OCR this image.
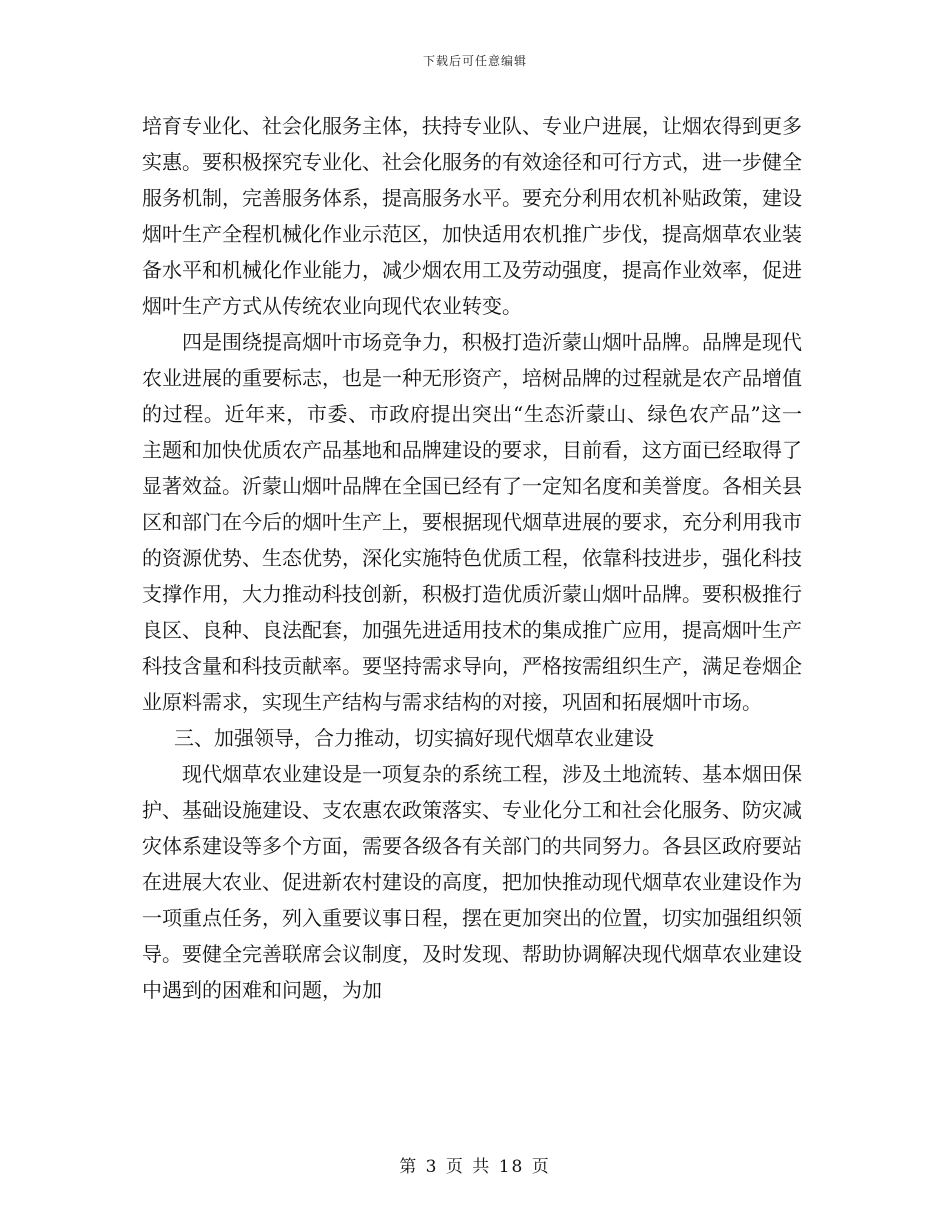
下载后可任意编辑

培育专业化、社会化服务主体，扶持专业队、专业户进展，让烟农得到更多实惠。要积极探究专业化、社会化服务的有效途径和可行方式，进一步健全服务机制，完善服务体系，提高服务水平。要充分利用农机补贴政策，建设烟叶生产全程机械化作业示范区，加快适用农机推广步伐，提高烟草农业装备水平和机械化作业能力，减少烟农用工及劳动强度，提高作业效率，促进烟叶生产方式从传统农业向现代农业转变。

四是围绕提高烟叶市场竞争力，积极打造沂蒙山烟叶品牌。品牌是现代农业进展的重要标志，也是一种无形资产，培树品牌的过程就是农产品增值的过程。近年来，市委、市政府提出突出“生态沂蒙山、绿色农产品”这一主题和加快优质农产品基地和品牌建设的要求，目前看，这方面已经取得了显著效益。沂蒙山烟叶品牌在全国已经有了一定知名度和美誉度。各相关县区和部门在今后的烟叶生产上，要根据现代烟草进展的要求，充分利用我市的资源优势、生态优势，深化实施特色优质工程，依靠科技进步，强化科技支撑作用，大力推动科技创新，积极打造优质沂蒙山烟叶品牌。要积极推行良区、良种、良法配套，加强先进适用技术的集成推广应用，提高烟叶生产科技含量和科技贡献率。要坚持需求导向，严格按需组织生产，满足卷烟企业原料需求，实现生产结构与需求结构的对接，巩固和拓展烟叶市场。

三、加强领导，合力推动，切实搞好现代烟草农业建设

现代烟草农业建设是一项复杂的系统工程，涉及土地流转、基本烟田保护、基础设施建设、支农惠农政策落实、专业化分工和社会化服务、防灾减灾体系建设等多个方面，需要各级各有关部门的共同努力。各县区政府要站在进展大农业、促进新农村建设的高度，把加快推动现代烟草农业建设作为一项重点任务，列入重要议事日程，摆在更加突出的位置，切实加强组织领导。要健全完善联席会议制度，及时发现、帮助协调解决现代烟草农业建设中遇到的困难和问题，为加

第 3 页 共 18 页
